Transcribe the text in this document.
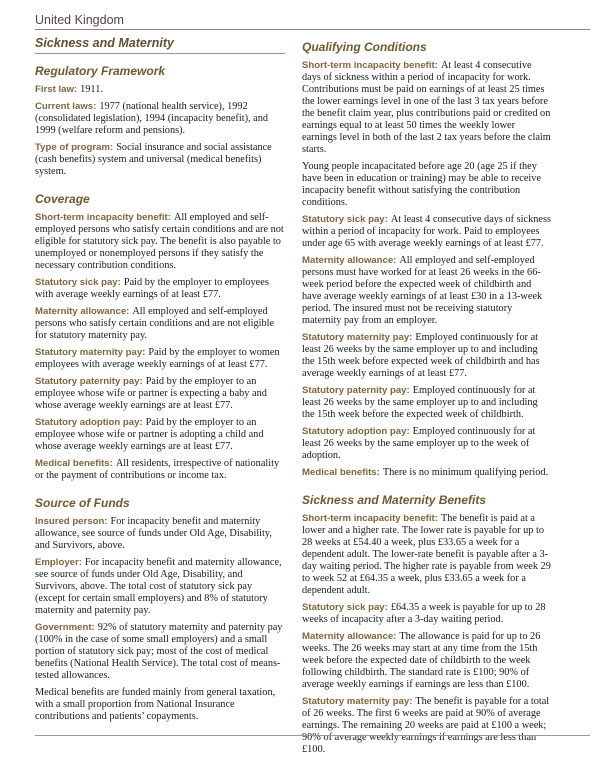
United Kingdom
Sickness and Maternity
Regulatory Framework
First law: 1911.
Current laws: 1977 (national health service), 1992 (consolidated legislation), 1994 (incapacity benefit), and 1999 (welfare reform and pensions).
Type of program: Social insurance and social assistance (cash benefits) system and universal (medical benefits) system.
Coverage
Short-term incapacity benefit: All employed and self-employed persons who satisfy certain conditions and are not eligible for statutory sick pay. The benefit is also payable to unemployed or nonemployed persons if they satisfy the necessary contribution conditions.
Statutory sick pay: Paid by the employer to employees with average weekly earnings of at least £77.
Maternity allowance: All employed and self-employed persons who satisfy certain conditions and are not eligible for statutory maternity pay.
Statutory maternity pay: Paid by the employer to women employees with average weekly earnings of at least £77.
Statutory paternity pay: Paid by the employer to an employee whose wife or partner is expecting a baby and whose average weekly earnings are at least £77.
Statutory adoption pay: Paid by the employer to an employee whose wife or partner is adopting a child and whose average weekly earnings are at least £77.
Medical benefits: All residents, irrespective of nationality or the payment of contributions or income tax.
Source of Funds
Insured person: For incapacity benefit and maternity allowance, see source of funds under Old Age, Disability, and Survivors, above.
Employer: For incapacity benefit and maternity allowance, see source of funds under Old Age, Disability, and Survivors, above. The total cost of statutory sick pay (except for certain small employers) and 8% of statutory maternity and paternity pay.
Government: 92% of statutory maternity and paternity pay (100% in the case of some small employers) and a small portion of statutory sick pay; most of the cost of medical benefits (National Health Service). The total cost of means-tested allowances.
Medical benefits are funded mainly from general taxation, with a small proportion from National Insurance contributions and patients’ copayments.
Qualifying Conditions
Short-term incapacity benefit: At least 4 consecutive days of sickness within a period of incapacity for work. Contributions must be paid on earnings of at least 25 times the lower earnings level in one of the last 3 tax years before the benefit claim year, plus contributions paid or credited on earnings equal to at least 50 times the weekly lower earnings level in both of the last 2 tax years before the claim starts.
Young people incapacitated before age 20 (age 25 if they have been in education or training) may be able to receive incapacity benefit without satisfying the contribution conditions.
Statutory sick pay: At least 4 consecutive days of sickness within a period of incapacity for work. Paid to employees under age 65 with average weekly earnings of at least £77.
Maternity allowance: All employed and self-employed persons must have worked for at least 26 weeks in the 66-week period before the expected week of childbirth and have average weekly earnings of at least £30 in a 13-week period. The insured must not be receiving statutory maternity pay from an employer.
Statutory maternity pay: Employed continuously for at least 26 weeks by the same employer up to and including the 15th week before expected week of childbirth and has average weekly earnings of at least £77.
Statutory paternity pay: Employed continuously for at least 26 weeks by the same employer up to and including the 15th week before the expected week of childbirth.
Statutory adoption pay: Employed continuously for at least 26 weeks by the same employer up to the week of adoption.
Medical benefits: There is no minimum qualifying period.
Sickness and Maternity Benefits
Short-term incapacity benefit: The benefit is paid at a lower and a higher rate. The lower rate is payable for up to 28 weeks at £54.40 a week, plus £33.65 a week for a dependent adult. The lower-rate benefit is payable after a 3-day waiting period. The higher rate is payable from week 29 to week 52 at £64.35 a week, plus £33.65 a week for a dependent adult.
Statutory sick pay: £64.35 a week is payable for up to 28 weeks of incapacity after a 3-day waiting period.
Maternity allowance: The allowance is paid for up to 26 weeks. The 26 weeks may start at any time from the 15th week before the expected date of childbirth to the week following childbirth. The standard rate is £100; 90% of average weekly earnings if earnings are less than £100.
Statutory maternity pay: The benefit is payable for a total of 26 weeks. The first 6 weeks are paid at 90% of average earnings. The remaining 20 weeks are paid at £100 a week; 90% of average weekly earnings if earnings are less than £100.
